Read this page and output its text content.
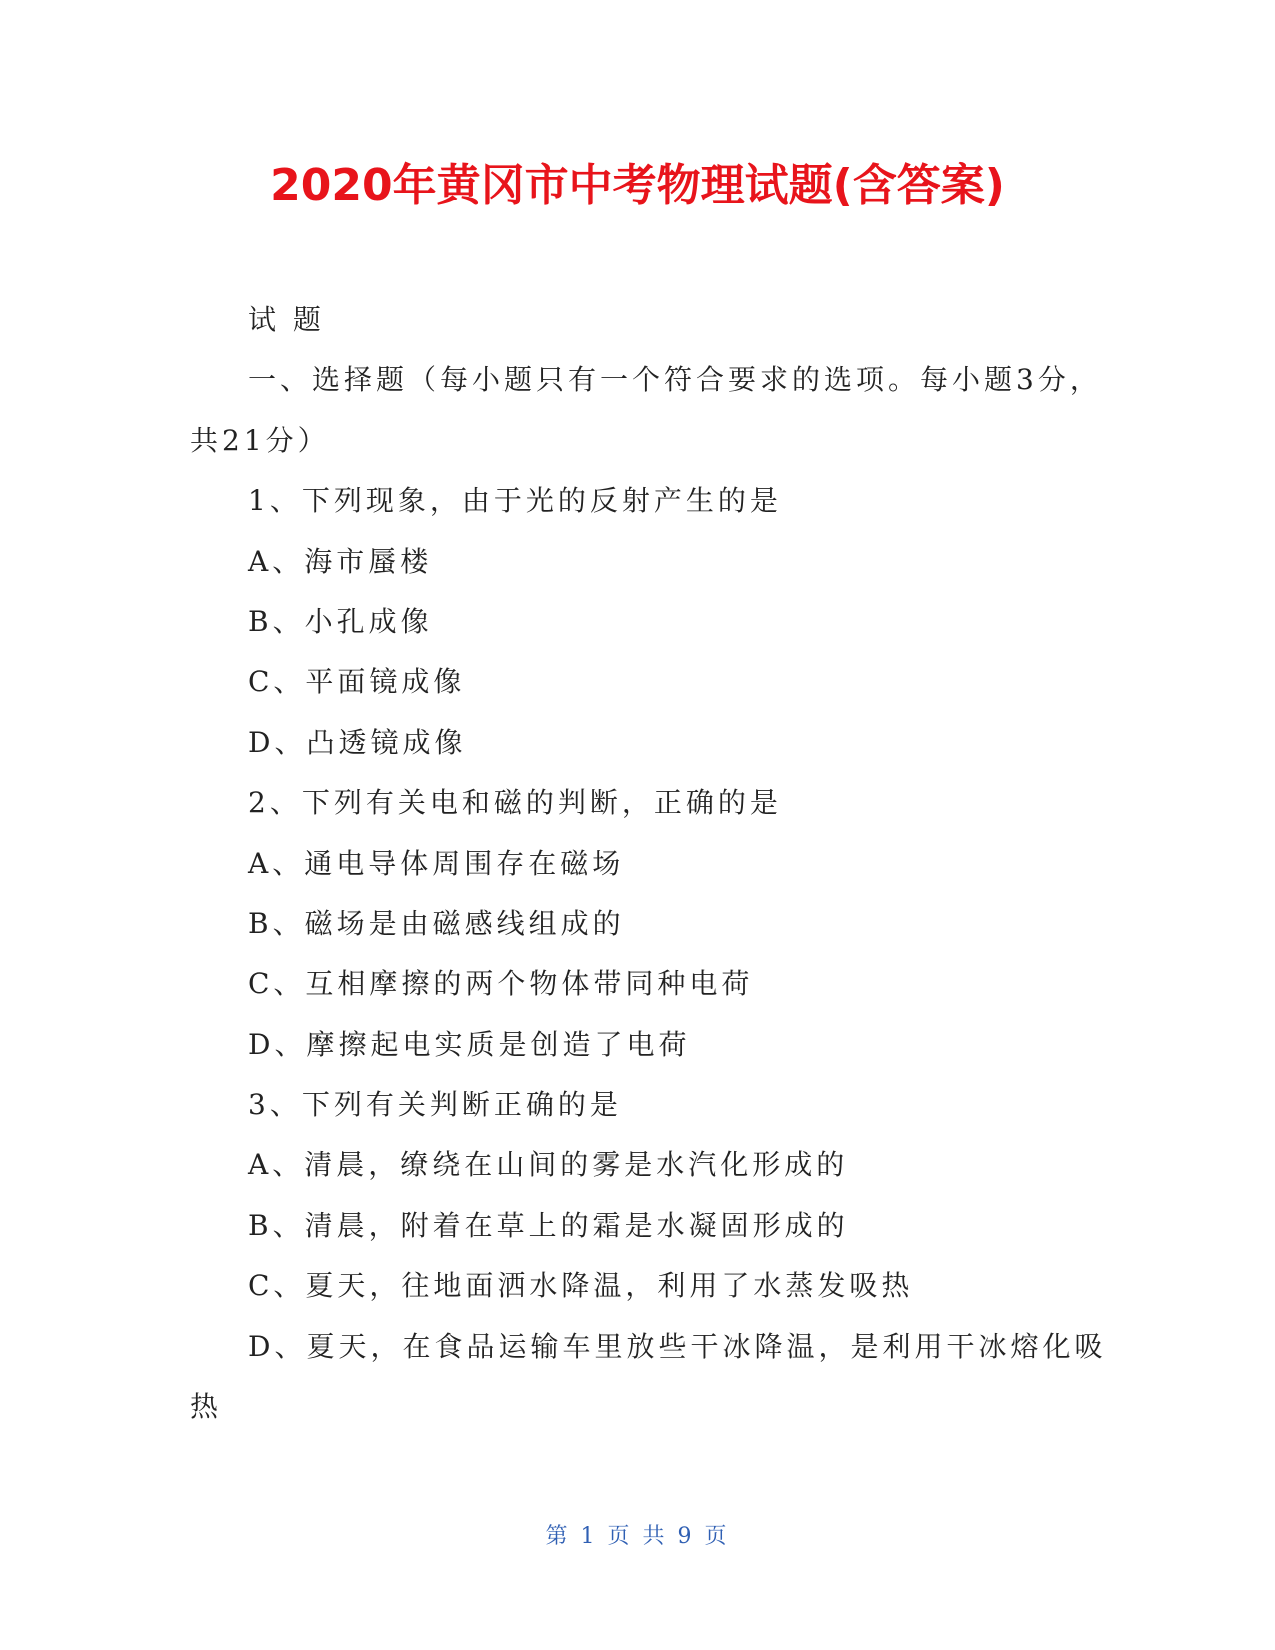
2020年黄冈市中考物理试题(含答案)
试 题
一、选择题（每小题只有一个符合要求的选项。每小题3分，
共21分）
1、下列现象，由于光的反射产生的是
A、海市蜃楼
B、小孔成像
C、平面镜成像
D、凸透镜成像
2、下列有关电和磁的判断，正确的是
A、通电导体周围存在磁场
B、磁场是由磁感线组成的
C、互相摩擦的两个物体带同种电荷
D、摩擦起电实质是创造了电荷
3、下列有关判断正确的是
A、清晨，缭绕在山间的雾是水汽化形成的
B、清晨，附着在草上的霜是水凝固形成的
C、夏天，往地面洒水降温，利用了水蒸发吸热
D、夏天，在食品运输车里放些干冰降温，是利用干冰熔化吸
热
第 1 页 共 9 页
